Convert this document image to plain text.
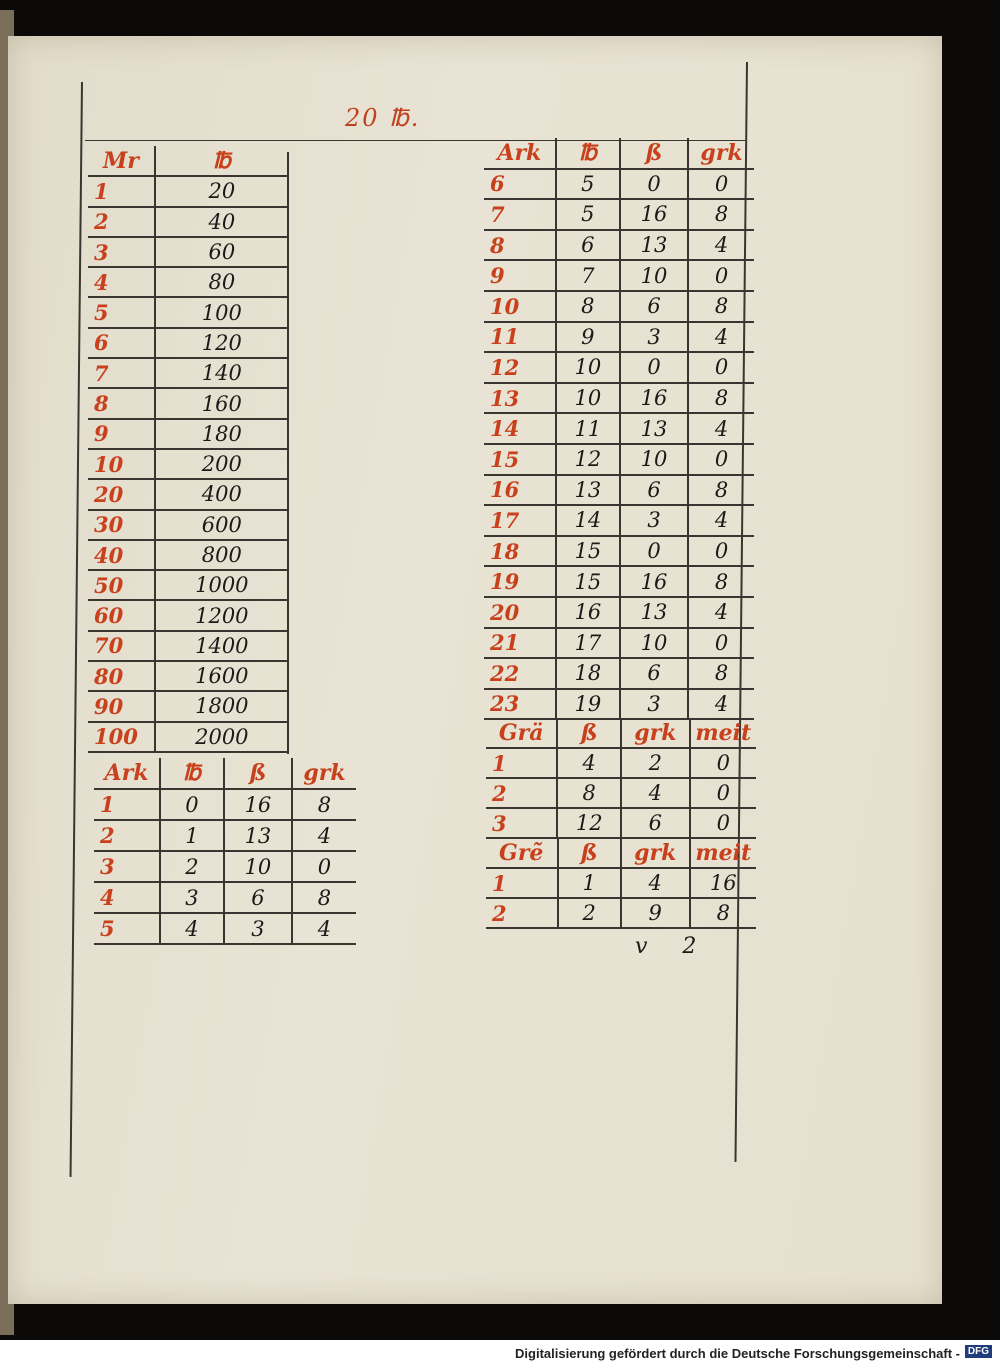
20 ℔.
Mr	℔
1	20
2	40
3	60
4	80
5	100
6	120
7	140
8	160
9	180
10	200
20	400
30	600
40	800
50	1000
60	1200
70	1400
80	1600
90	1800
100	2000
Ark	℔	ß	grk
1	0	16	8
2	1	13	4
3	2	10	0
4	3	6	8
5	4	3	4
Ark	℔	ß	grk
6	5	0	0
7	5	16	8
8	6	13	4
9	7	10	0
10	8	6	8
11	9	3	4
12	10	0	0
13	10	16	8
14	11	13	4
15	12	10	0
16	13	6	8
17	14	3	4
18	15	0	0
19	15	16	8
20	16	13	4
21	17	10	0
22	18	6	8
23	19	3	4
Grä	ß	grk	meit
1	4	2	0
2	8	4	0
3	12	6	0
Grẽ	ß	grk	meit
1	1	4	16
2	2	9	8
v 2
Digitalisierung gefördert durch die Deutsche Forschungsgemeinschaft - DFG
